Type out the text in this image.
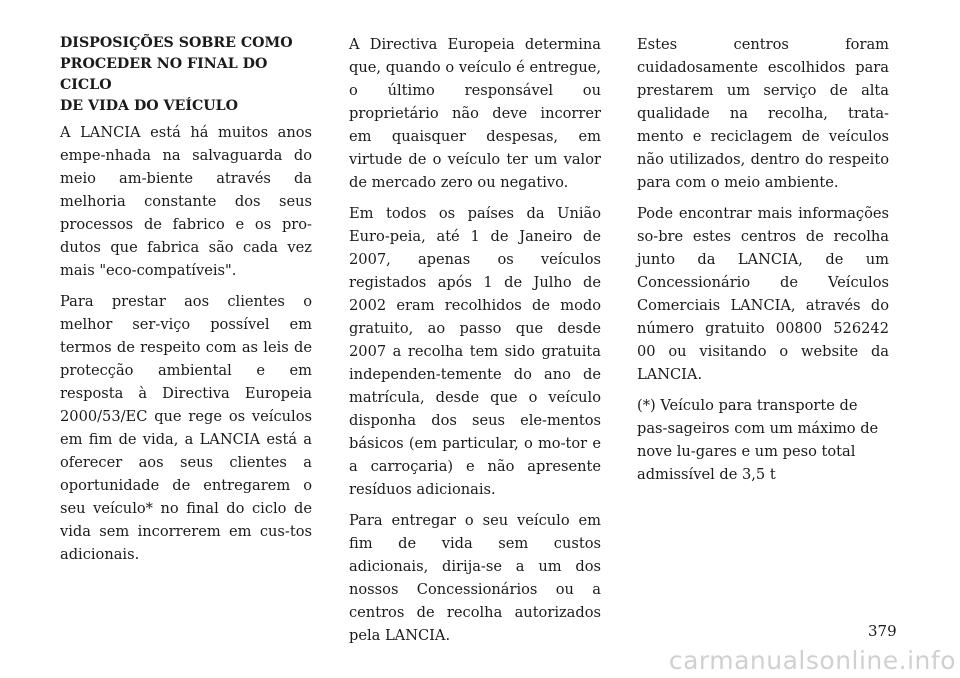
DISPOSIÇÕES SOBRE COMO
PROCEDER NO FINAL DO CICLO
DE VIDA DO VEÍCULO

A LANCIA está há muitos anos empe-nhada na salvaguarda do meio am-biente através da melhoria constante dos seus processos de fabrico e os pro-dutos que fabrica são cada vez mais "eco-compatíveis".

Para prestar aos clientes o melhor ser-viço possível em termos de respeito com as leis de protecção ambiental e em resposta à Directiva Europeia 2000/53/EC que rege os veículos em fim de vida, a LANCIA está a oferecer aos seus clientes a oportunidade de entregarem o seu veículo* no final do ciclo de vida sem incorrerem em cus-tos adicionais.

A Directiva Europeia determina que, quando o veículo é entregue, o último responsável ou proprietário não deve incorrer em quaisquer despesas, em virtude de o veículo ter um valor de mercado zero ou negativo.

Em todos os países da União Euro-peia, até 1 de Janeiro de 2007, apenas os veículos registados após 1 de Julho de 2002 eram recolhidos de modo gratuito, ao passo que desde 2007 a recolha tem sido gratuita independen-temente do ano de matrícula, desde que o veículo disponha dos seus ele-mentos básicos (em particular, o mo-tor e a carroçaria) e não apresente resíduos adicionais.

Para entregar o seu veículo em fim de vida sem custos adicionais, dirija-se a um dos nossos Concessionários ou a centros de recolha autorizados pela LANCIA.

Estes centros foram cuidadosamente escolhidos para prestarem um serviço de alta qualidade na recolha, trata-mento e reciclagem de veículos não utilizados, dentro do respeito para com o meio ambiente.

Pode encontrar mais informações so-bre estes centros de recolha junto da LANCIA, de um Concessionário de Veículos Comerciais LANCIA, através do número gratuito 00800 526242 00 ou visitando o website da LANCIA.

(*) Veículo para transporte de pas-sageiros com um máximo de nove lu-gares e um peso total admissível de 3,5 t

379
carmanualsonline.info
